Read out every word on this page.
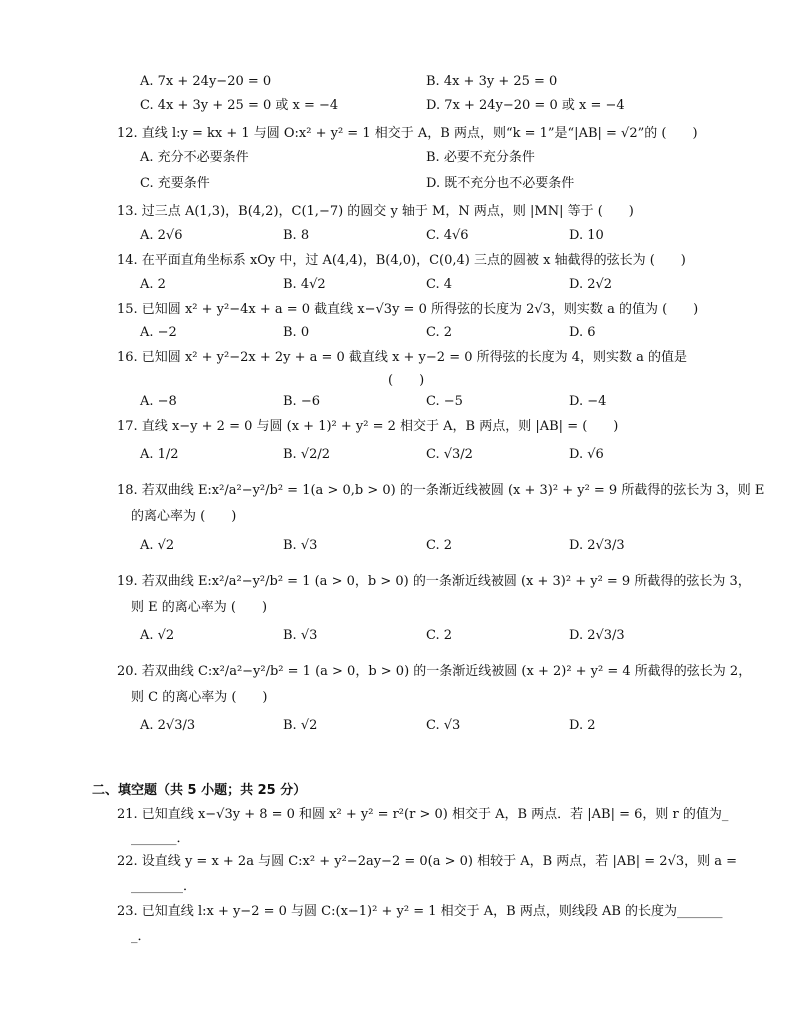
A. 7x + 24y−20 = 0	B. 4x + 3y + 25 = 0
C. 4x + 3y + 25 = 0 或 x = −4	D. 7x + 24y−20 = 0 或 x = −4
12. 直线 l:y = kx + 1 与圆 O:x² + y² = 1 相交于 A，B 两点，则“k = 1”是“|AB| = √2”的 (　　)
A. 充分不必要条件	B. 必要不充分条件
C. 充要条件	D. 既不充分也不必要条件
13. 过三点 A(1,3)，B(4,2)，C(1,−7) 的圆交 y 轴于 M，N 两点，则 |MN| 等于 (　　)
A. 2√6	B. 8	C. 4√6	D. 10
14. 在平面直角坐标系 xOy 中，过 A(4,4)，B(4,0)，C(0,4) 三点的圆被 x 轴截得的弦长为 (　　)
A. 2	B. 4√2	C. 4	D. 2√2
15. 已知圆 x² + y²−4x + a = 0 截直线 x−√3y = 0 所得弦的长度为 2√3，则实数 a 的值为 (　　)
A. −2	B. 0	C. 2	D. 6
16. 已知圆 x² + y²−2x + 2y + a = 0 截直线 x + y−2 = 0 所得弦的长度为 4，则实数 a 的值是
(　　)
A. −8	B. −6	C. −5	D. −4
17. 直线 x−y + 2 = 0 与圆 (x + 1)² + y² = 2 相交于 A，B 两点，则 |AB| = (　　)
A. 1/2	B. √2/2	C. √3/2	D. √6
18. 若双曲线 E:x²/a²−y²/b² = 1(a > 0,b > 0) 的一条渐近线被圆 (x + 3)² + y² = 9 所截得的弦长为 3，则 E
的离心率为 (　　)
A. √2	B. √3	C. 2	D. 2√3/3
19. 若双曲线 E:x²/a²−y²/b² = 1 (a > 0，b > 0) 的一条渐近线被圆 (x + 3)² + y² = 9 所截得的弦长为 3，
则 E 的离心率为 (　　)
A. √2	B. √3	C. 2	D. 2√3/3
20. 若双曲线 C:x²/a²−y²/b² = 1 (a > 0，b > 0) 的一条渐近线被圆 (x + 2)² + y² = 4 所截得的弦长为 2，
则 C 的离心率为 (　　)
A. 2√3/3	B. √2	C. √3	D. 2
二、填空题（共 5 小题；共 25 分）
21. 已知直线 x−√3y + 8 = 0 和圆 x² + y² = r²(r > 0) 相交于 A，B 两点．若 |AB| = 6，则 r 的值为_
_______．
22. 设直线 y = x + 2a 与圆 C:x² + y²−2ay−2 = 0(a > 0) 相较于 A，B 两点，若 |AB| = 2√3，则 a =
________．
23. 已知直线 l:x + y−2 = 0 与圆 C:(x−1)² + y² = 1 相交于 A，B 两点，则线段 AB 的长度为_______
_．
